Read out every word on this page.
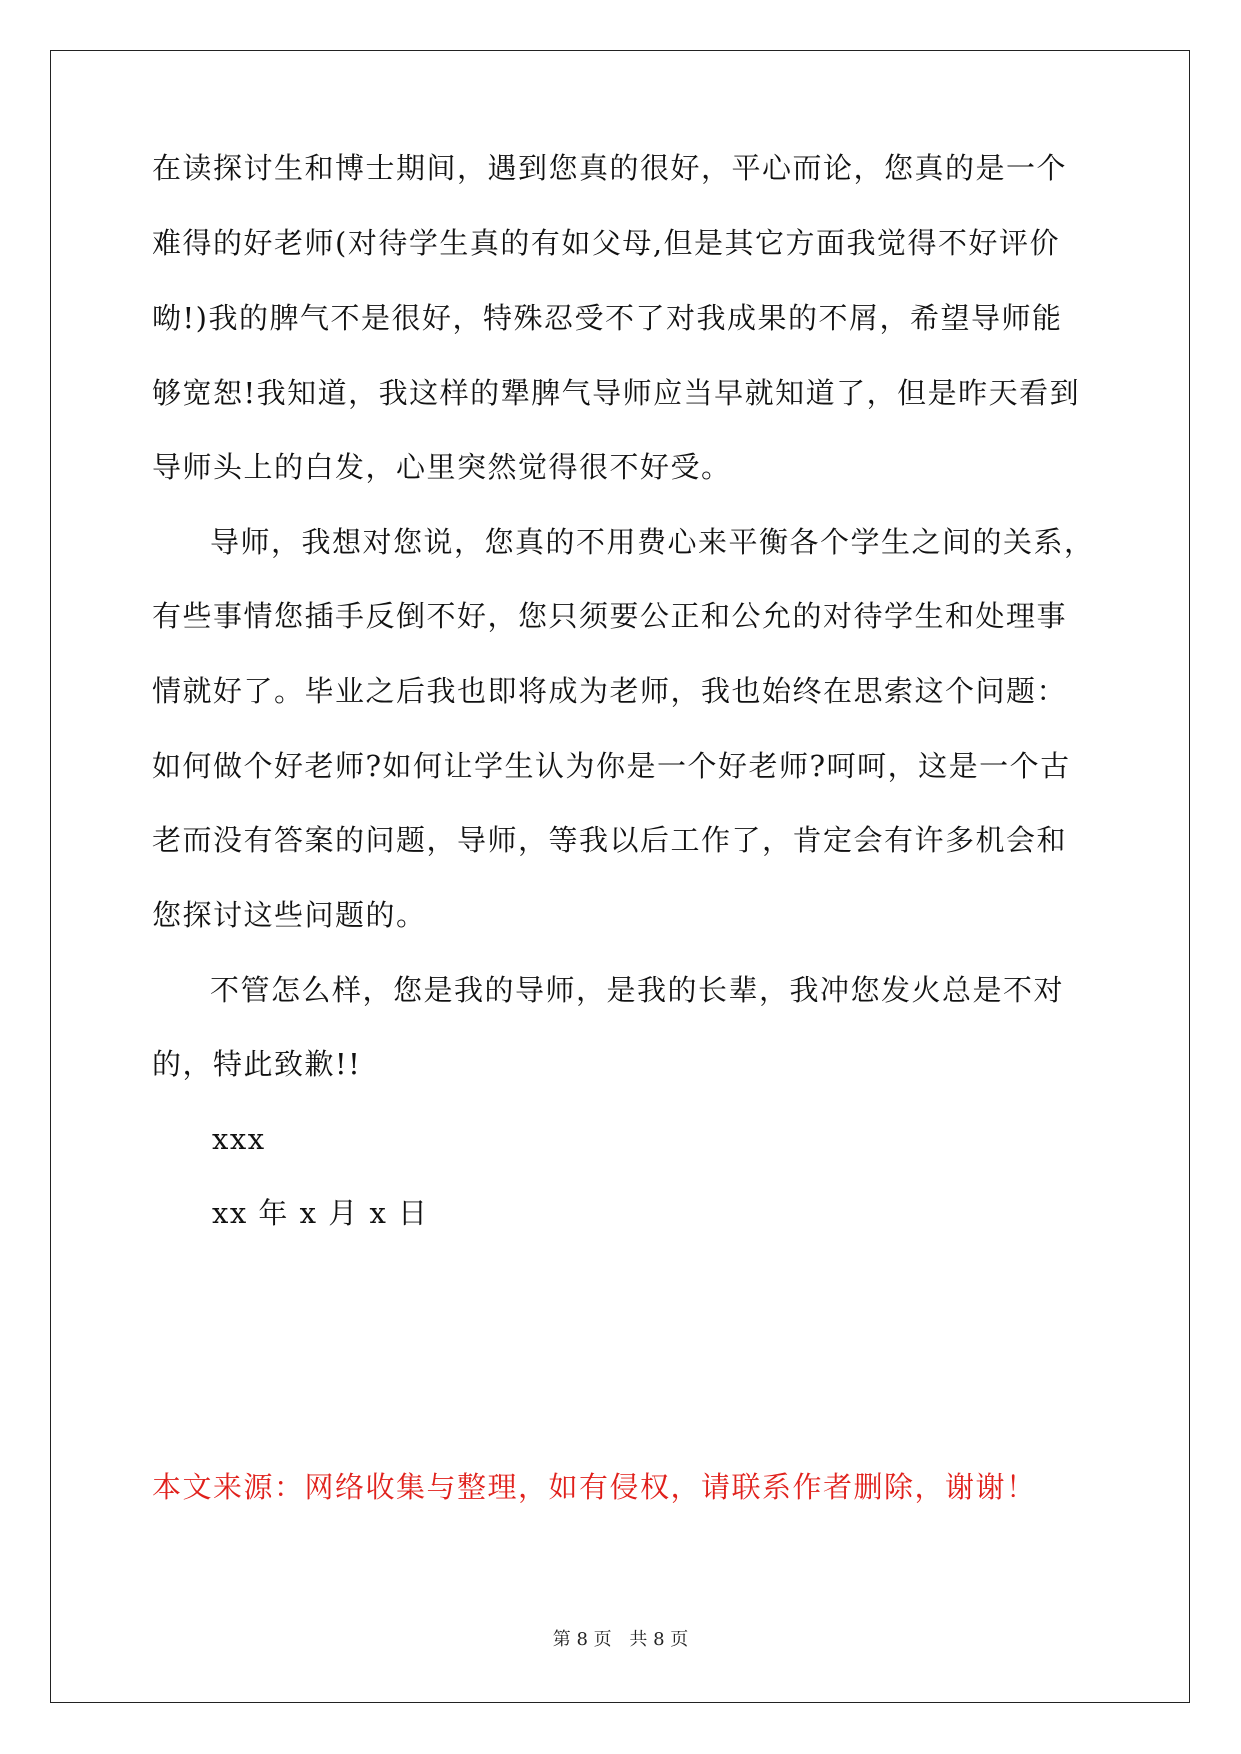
在读探讨生和博士期间，遇到您真的很好，平心而论，您真的是一个
难得的好老师(对待学生真的有如父母,但是其它方面我觉得不好评价
呦!)我的脾气不是很好，特殊忍受不了对我成果的不屑，希望导师能
够宽恕!我知道，我这样的犟脾气导师应当早就知道了，但是昨天看到
导师头上的白发，心里突然觉得很不好受。
导师，我想对您说，您真的不用费心来平衡各个学生之间的关系，
有些事情您插手反倒不好，您只须要公正和公允的对待学生和处理事
情就好了。毕业之后我也即将成为老师，我也始终在思索这个问题：
如何做个好老师?如何让学生认为你是一个好老师?呵呵，这是一个古
老而没有答案的问题，导师，等我以后工作了，肯定会有许多机会和
您探讨这些问题的。
不管怎么样，您是我的导师，是我的长辈，我冲您发火总是不对
的，特此致歉!!
xxx
xx 年 x 月 x 日
本文来源：网络收集与整理，如有侵权，请联系作者删除，谢谢！
第 8 页 共 8 页
